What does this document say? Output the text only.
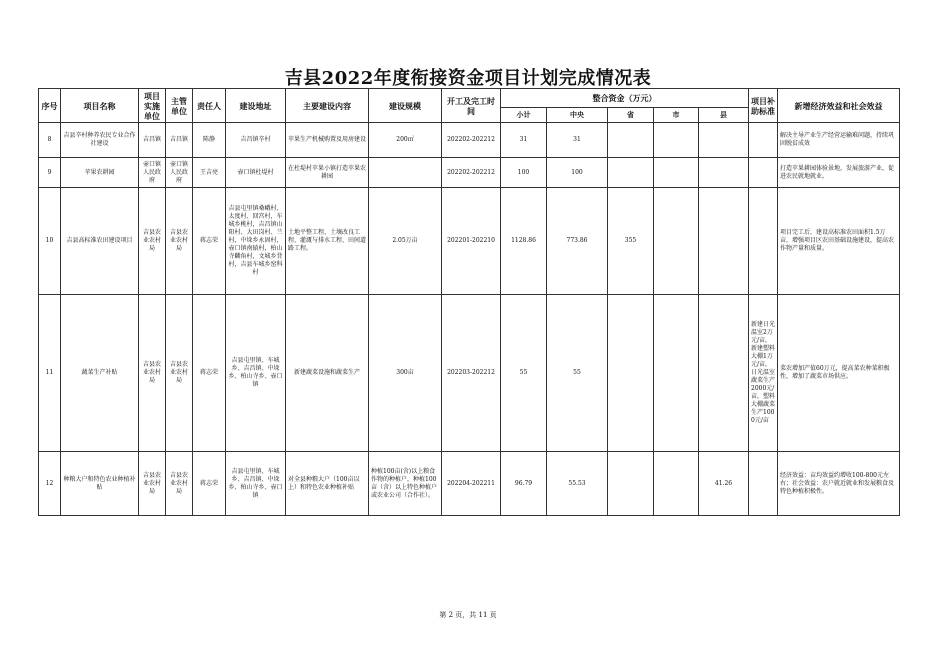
吉县2022年度衔接资金项目计划完成情况表
序号	项目名称	项目实施单位	主管单位	责任人	建设地址	主要建设内容	建设规模	开工及完工时间	整合资金（万元）					项目补助标准	新增经济效益和社会效益
									小计	中央	省	市	县		
8	吉县辛村种养农民专业合作社建设	吉昌镇	吉昌镇	陈静	吉昌镇辛村	苹果生产机械购置及用房建设	200㎡	202202-202212	31	31					解决主导产业生产经营运输难问题，持续巩固脱贫成效
9	苹果农耕园	壶口镇人民政府	壶口镇人民政府	王吉亮	壶口镇杜堤村	在杜堤村苹果小镇打造苹果农耕园		202202-202212	100	100					打造苹果耕园体验景地，发展旅游产业，促进农民就地就业。
10	吉县高标准农田建设项目	吉县农业农村局	吉县农业农村局	蒋志荣	吉县屯里镇桑峨村、太度村、回宫村，车城乡桃村，吉昌镇山阳村、大田岗村、兰村，中垛乡永固村，壶口镇南辕村，柏山寺麟角村，文城乡背村，吉县车城乡窑科村	土地平整工程、土壤改良工程、灌溉与排水工程、田间道路工程。	2.05万亩	202201-202210	1128.86	773.86	355				项目完工后，建设高标准农田面积1.5万亩，增强项目区农田基础设施建设，提高农作物产量和质量。
11	蔬菜生产补贴	吉县农业农村局	吉县农业农村局	蒋志荣	吉县屯里镇、车城乡、吉昌镇、中垛乡、柏山寺乡、壶口镇	新建蔬菜设施和蔬菜生产	300亩	202203-202212	55	55				新建日光温室2万元/亩，新建塑料大棚1万元/亩，日光温室蔬菜生产2000元/亩，塑料大棚蔬菜生产1000元/亩	菜农增加产值60万元，提高菜农种菜积极性，增加了蔬菜市场供应。
12	种粮大户和特色农业种植补贴	吉县农业农村局	吉县农业农村局	蒋志荣	吉县屯里镇、车城乡、吉昌镇、中垛乡、柏山寺乡、壶口镇	对全县种粮大户（100亩以上）和特色农业种植补贴	种植100亩(含)以上粮食作物的种植户，种植100亩（含）以上特色种植户或农业公司（合作社）。	202204-202211	96.79	55.53			41.26		经济效益：亩均效益约增收100-800元左右；社会效益：农户就近就业和发展粮食及特色种植积极性。
第 2 页，共 11 页
